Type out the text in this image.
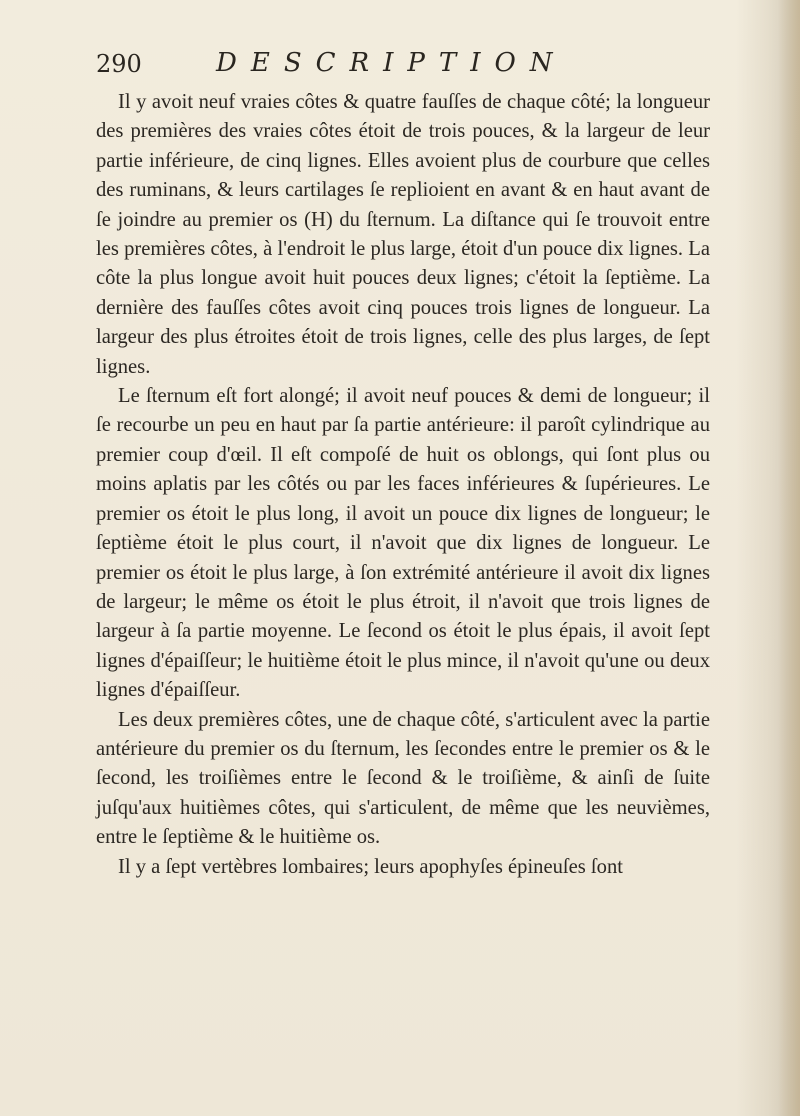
290	DESCRIPTION

Il y avoit neuf vraies côtes & quatre fauſſes de chaque côté; la longueur des premières des vraies côtes étoit de trois pouces, & la largeur de leur partie inférieure, de cinq lignes. Elles avoient plus de courbure que celles des ruminans, & leurs cartilages ſe replioient en avant & en haut avant de ſe joindre au premier os (H) du ſternum. La diſtance qui ſe trouvoit entre les premières côtes, à l'endroit le plus large, étoit d'un pouce dix lignes. La côte la plus longue avoit huit pouces deux lignes; c'étoit la ſeptième. La dernière des fauſſes côtes avoit cinq pouces trois lignes de longueur. La largeur des plus étroites étoit de trois lignes, celle des plus larges, de ſept lignes.

Le ſternum eſt fort alongé; il avoit neuf pouces & demi de longueur; il ſe recourbe un peu en haut par ſa partie antérieure: il paroît cylindrique au premier coup d'œil. Il eſt compoſé de huit os oblongs, qui ſont plus ou moins aplatis par les côtés ou par les faces inférieures & ſupérieures. Le premier os étoit le plus long, il avoit un pouce dix lignes de longueur; le ſeptième étoit le plus court, il n'avoit que dix lignes de longueur. Le premier os étoit le plus large, à ſon extrémité antérieure il avoit dix lignes de largeur; le même os étoit le plus étroit, il n'avoit que trois lignes de largeur à ſa partie moyenne. Le ſecond os étoit le plus épais, il avoit ſept lignes d'épaiſſeur; le huitième étoit le plus mince, il n'avoit qu'une ou deux lignes d'épaiſſeur.

Les deux premières côtes, une de chaque côté, s'articulent avec la partie antérieure du premier os du ſternum, les ſecondes entre le premier os & le ſecond, les troiſièmes entre le ſecond & le troiſième, & ainſi de ſuite juſqu'aux huitièmes côtes, qui s'articulent, de même que les neuvièmes, entre le ſeptième & le huitième os.

Il y a ſept vertèbres lombaires; leurs apophyſes épineuſes ſont
